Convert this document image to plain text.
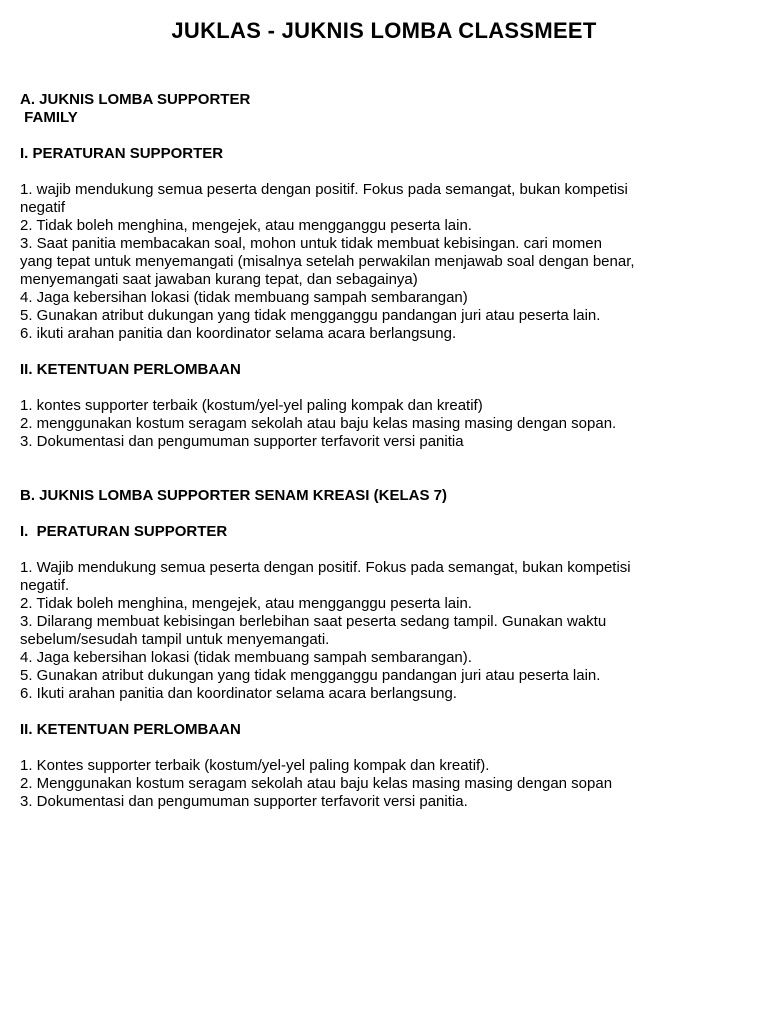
JUKLAS - JUKNIS LOMBA CLASSMEET
A. JUKNIS LOMBA SUPPORTER
FAMILY
I. PERATURAN SUPPORTER
1. wajib mendukung semua peserta dengan positif. Fokus pada semangat, bukan kompetisi
negatif
2. Tidak boleh menghina, mengejek, atau mengganggu peserta lain.
3. Saat panitia membacakan soal, mohon untuk tidak membuat kebisingan. cari momen
yang tepat untuk menyemangati (misalnya setelah perwakilan menjawab soal dengan benar,
menyemangati saat jawaban kurang tepat, dan sebagainya)
4. Jaga kebersihan lokasi (tidak membuang sampah sembarangan)
5. Gunakan atribut dukungan yang tidak mengganggu pandangan juri atau peserta lain.
6. ikuti arahan panitia dan koordinator selama acara berlangsung.
II. KETENTUAN PERLOMBAAN
1. kontes supporter terbaik (kostum/yel-yel paling kompak dan kreatif)
2. menggunakan kostum seragam sekolah atau baju kelas masing masing dengan sopan.
3. Dokumentasi dan pengumuman supporter terfavorit versi panitia
B. JUKNIS LOMBA SUPPORTER SENAM KREASI (KELAS 7)
I.  PERATURAN SUPPORTER
1. Wajib mendukung semua peserta dengan positif. Fokus pada semangat, bukan kompetisi
negatif.
2. Tidak boleh menghina, mengejek, atau mengganggu peserta lain.
3. Dilarang membuat kebisingan berlebihan saat peserta sedang tampil. Gunakan waktu
sebelum/sesudah tampil untuk menyemangati.
4. Jaga kebersihan lokasi (tidak membuang sampah sembarangan).
5. Gunakan atribut dukungan yang tidak mengganggu pandangan juri atau peserta lain.
6. Ikuti arahan panitia dan koordinator selama acara berlangsung.
II. KETENTUAN PERLOMBAAN
1. Kontes supporter terbaik (kostum/yel-yel paling kompak dan kreatif).
2. Menggunakan kostum seragam sekolah atau baju kelas masing masing dengan sopan
3. Dokumentasi dan pengumuman supporter terfavorit versi panitia.
